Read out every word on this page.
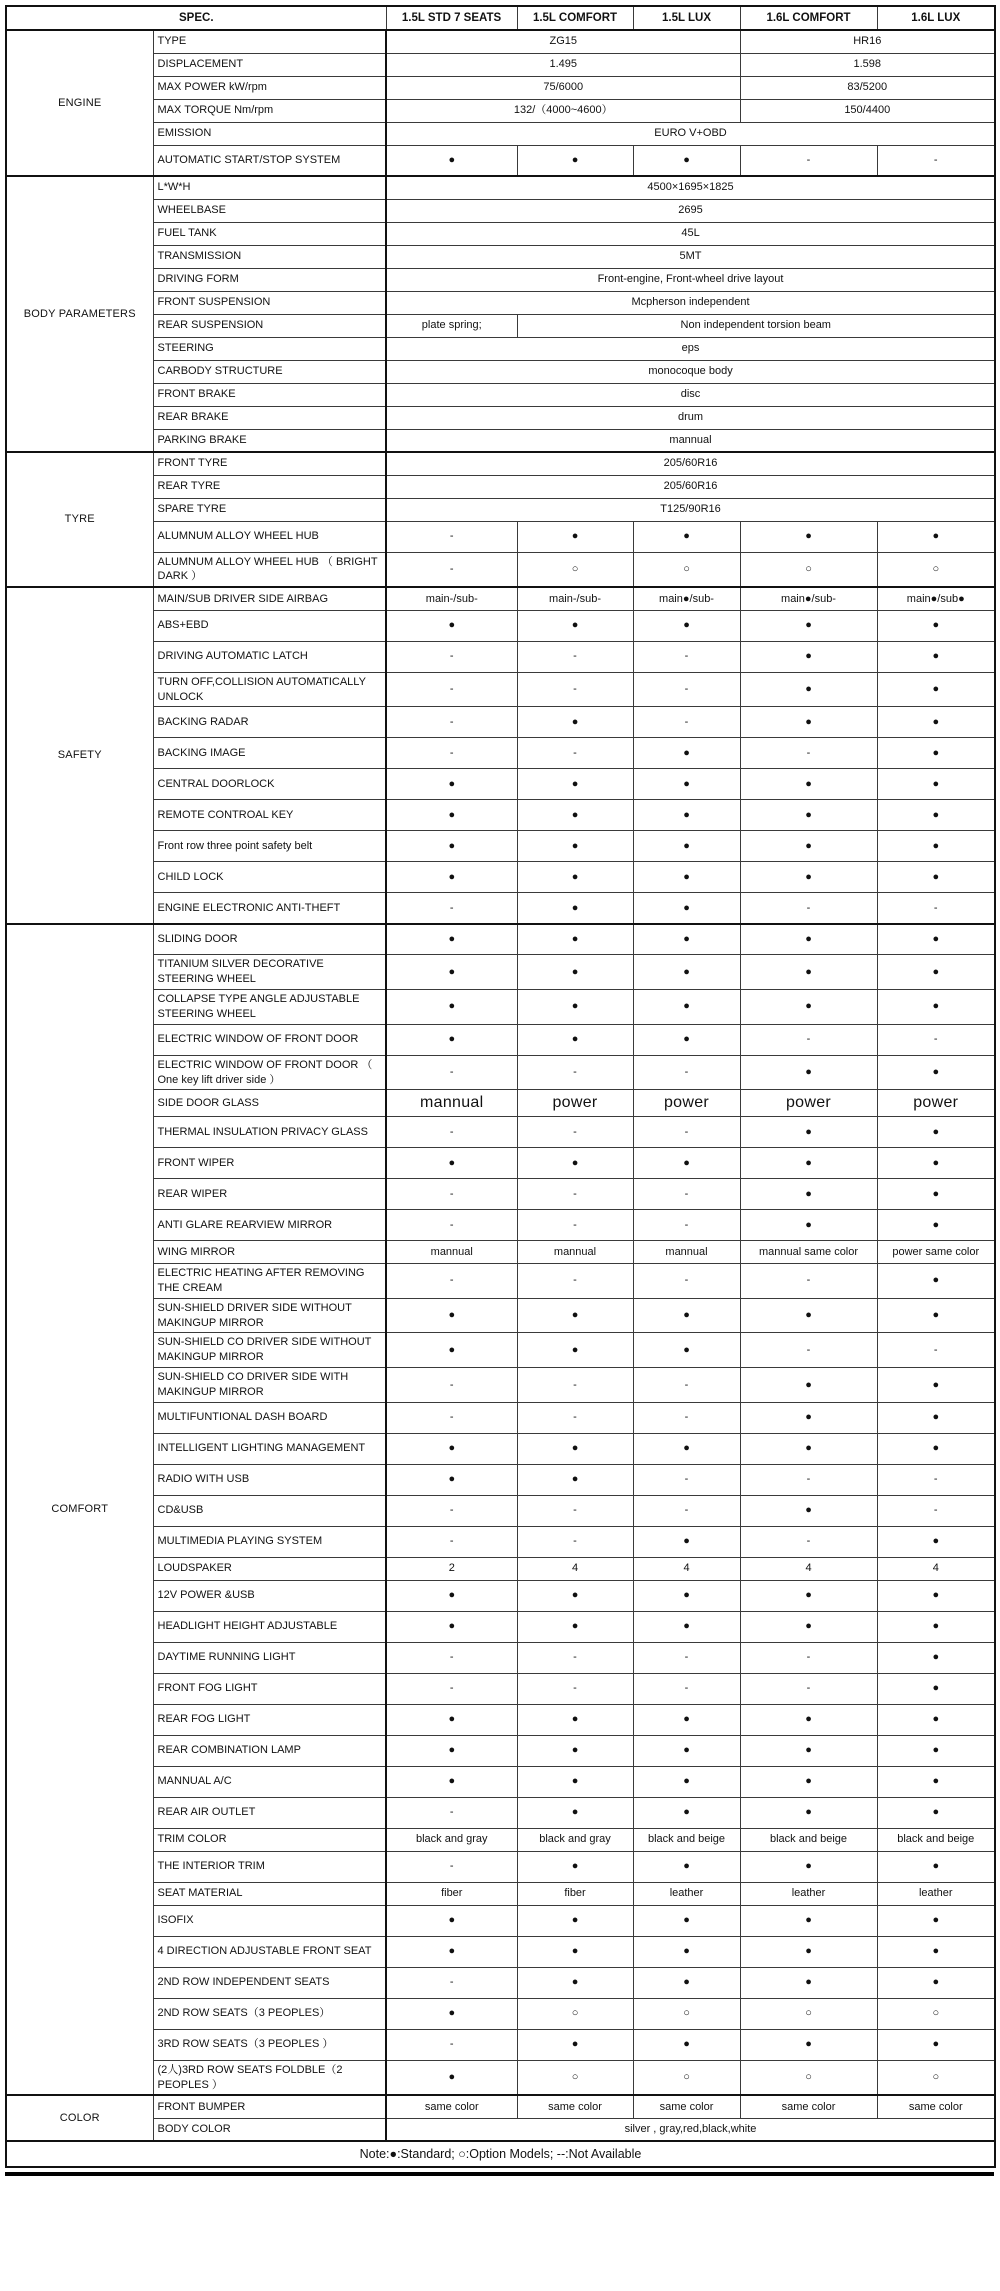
SPEC.		1.5L STD 7 SEATS	1.5L COMFORT	1.5L LUX	1.6L COMFORT	1.6L LUX
ENGINE	TYPE	ZG15			HR16	
	DISPLACEMENT	1.495			1.598	
	MAX POWER kW/rpm	75/6000			83/5200	
	MAX TORQUE Nm/rpm	132/（4000~4600）			150/4400	
	EMISSION	EURO V+OBD				
	AUTOMATIC START/STOP SYSTEM	●	●	●	-	-
BODY PARAMETERS	L*W*H	4500×1695×1825				
	WHEELBASE	2695				
	FUEL TANK	45L				
	TRANSMISSION	5MT				
	DRIVING FORM	Front-engine, Front-wheel drive layout				
	FRONT SUSPENSION	Mcpherson independent				
	REAR SUSPENSION	plate spring;	Non independent torsion beam			
	STEERING	eps				
	CARBODY STRUCTURE	monocoque body				
	FRONT BRAKE	disc				
	REAR BRAKE	drum				
	PARKING BRAKE	mannual				
TYRE	FRONT TYRE	205/60R16				
	REAR TYRE	205/60R16				
	SPARE TYRE	T125/90R16				
	ALUMNUM ALLOY WHEEL HUB	-	●	●	●	●
	ALUMNUM ALLOY WHEEL HUB （ BRIGHT DARK ）	-	○	○	○	○
SAFETY	MAIN/SUB DRIVER SIDE AIRBAG	main-/sub-	main-/sub-	main●/sub-	main●/sub-	main●/sub●
	ABS+EBD	●	●	●	●	●
	DRIVING AUTOMATIC LATCH	-	-	-	●	●
	TURN OFF,COLLISION AUTOMATICALLY UNLOCK	-	-	-	●	●
	BACKING RADAR	-	●	-	●	●
	BACKING IMAGE	-	-	●	-	●
	CENTRAL DOORLOCK	●	●	●	●	●
	REMOTE CONTROAL KEY	●	●	●	●	●
	Front row three point safety belt	●	●	●	●	●
	CHILD LOCK	●	●	●	●	●
	ENGINE ELECTRONIC ANTI-THEFT	-	●	●	-	-
COMFORT	SLIDING DOOR	●	●	●	●	●
	TITANIUM SILVER DECORATIVE STEERING WHEEL	●	●	●	●	●
	COLLAPSE TYPE ANGLE ADJUSTABLE STEERING WHEEL	●	●	●	●	●
	ELECTRIC WINDOW OF FRONT DOOR	●	●	●	-	-
	ELECTRIC WINDOW OF FRONT DOOR （ One key lift driver side ）	-	-	-	●	●
	SIDE DOOR GLASS	mannual	power	power	power	power
	THERMAL INSULATION PRIVACY GLASS	-	-	-	●	●
	FRONT WIPER	●	●	●	●	●
	REAR WIPER	-	-	-	●	●
	ANTI GLARE REARVIEW MIRROR	-	-	-	●	●
	WING MIRROR	mannual	mannual	mannual	mannual same color	power same color
	ELECTRIC HEATING AFTER REMOVING THE CREAM	-	-	-	-	●
	SUN-SHIELD DRIVER SIDE WITHOUT MAKINGUP MIRROR	●	●	●	●	●
	SUN-SHIELD CO DRIVER SIDE WITHOUT MAKINGUP MIRROR	●	●	●	-	-
	SUN-SHIELD CO DRIVER SIDE WITH MAKINGUP MIRROR	-	-	-	●	●
	MULTIFUNTIONAL DASH BOARD	-	-	-	●	●
	INTELLIGENT LIGHTING MANAGEMENT	●	●	●	●	●
	RADIO WITH USB	●	●	-	-	-
	CD&USB	-	-	-	●	-
	MULTIMEDIA PLAYING SYSTEM	-	-	●	-	●
	LOUDSPAKER	2	4	4	4	4
	12V POWER &USB	●	●	●	●	●
	HEADLIGHT HEIGHT ADJUSTABLE	●	●	●	●	●
	DAYTIME RUNNING LIGHT	-	-	-	-	●
	FRONT FOG LIGHT	-	-	-	-	●
	REAR FOG LIGHT	●	●	●	●	●
	REAR COMBINATION LAMP	●	●	●	●	●
	MANNUAL A/C	●	●	●	●	●
	REAR AIR OUTLET	-	●	●	●	●
	TRIM COLOR	black and gray	black and gray	black and beige	black and beige	black and beige
	THE INTERIOR TRIM	-	●	●	●	●
	SEAT MATERIAL	fiber	fiber	leather	leather	leather
	ISOFIX	●	●	●	●	●
	4 DIRECTION ADJUSTABLE FRONT SEAT	●	●	●	●	●
	2ND ROW INDEPENDENT SEATS	-	●	●	●	●
	2ND ROW SEATS（3 PEOPLES）	●	○	○	○	○
	3RD ROW SEATS（3 PEOPLES ）	-	●	●	●	●
	(2人)3RD ROW SEATS FOLDBLE（2 PEOPLES ）	●	○	○	○	○
COLOR	FRONT BUMPER	same color	same color	same color	same color	same color
	BODY COLOR	silver , gray,red,black,white				
Note:●:Standard; ○:Option Models; --:Not Available						
